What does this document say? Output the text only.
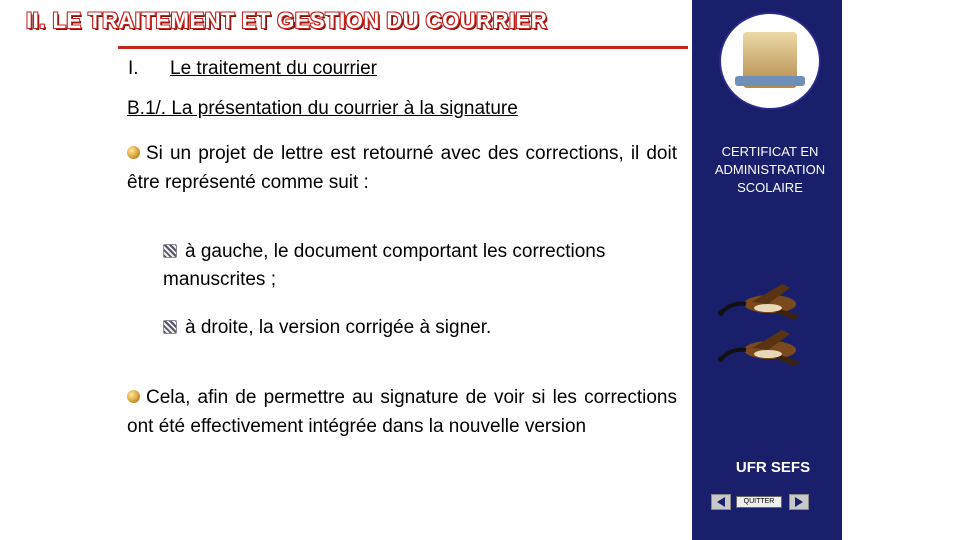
II. LE TRAITEMENT ET GESTION DU COURRIER
I. Le traitement du courrier
B.1/. La présentation du courrier à la signature
Si un projet de lettre est retourné avec des corrections, il doit être représenté comme suit :
à gauche, le document comportant les corrections manuscrites ;
à droite, la version corrigée à signer.
Cela, afin de permettre au signature de voir si les corrections ont été effectivement intégrée dans la nouvelle version
CERTIFICAT EN ADMINISTRATION SCOLAIRE
UFR SEFS
QUITTER
